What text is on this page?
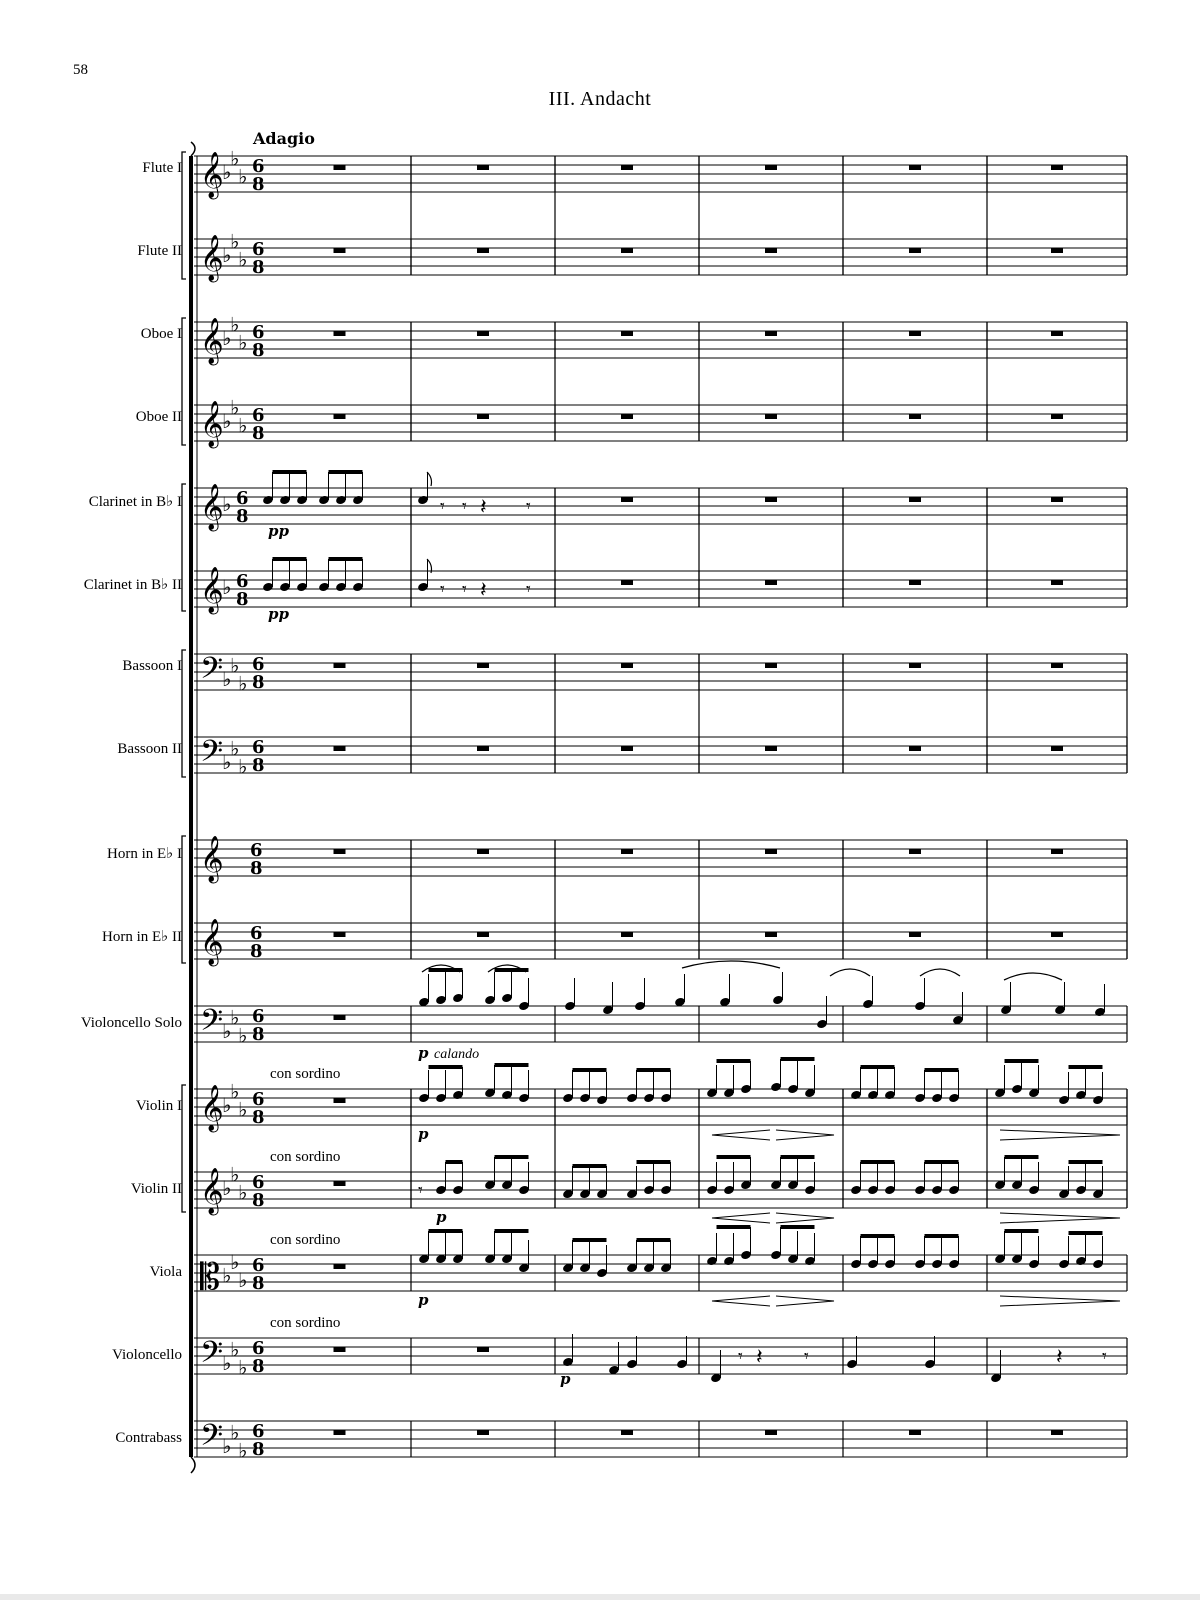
58
III. Andacht
Adagio
Flute I
Flute II
Oboe I
Oboe II
Clarinet in B♭ I
Clarinet in B♭ II
Bassoon I
Bassoon II
Horn in E♭ I
Horn in E♭ II
Violoncello Solo
Violin I
Violin II
Viola
Violoncello
Contrabass
con sordino
con sordino
con sordino
con sordino
𝄞
♭
♭
♭ 6
8
𝄞
♭
♭
♭ 6
8
𝄞
♭
♭
♭ 6
8
𝄞
♭
♭
♭ 6
8
𝄞
♭ 6
8
𝄞
♭ 6
8
𝄢
♭
♭
♭
6
8
𝄢
♭
♭
♭
6
8
𝄞 6
8
𝄞 6
8
𝄢
♭
♭
♭
6
8
𝄞
♭
♭
♭ 6
8
𝄞
♭
♭
♭ 6
8
𝄡 ♭
♭
♭
6
8
𝄢
♭
♭
♭
6
8
𝄢
♭
♭
♭
6
8
𝄾 𝄾 𝄽 𝄾
pp
𝄾 𝄾 𝄽 𝄾
pp
p calando
p
𝄾
p
p
𝄾 𝄽 𝄾	𝄽 𝄾
p
